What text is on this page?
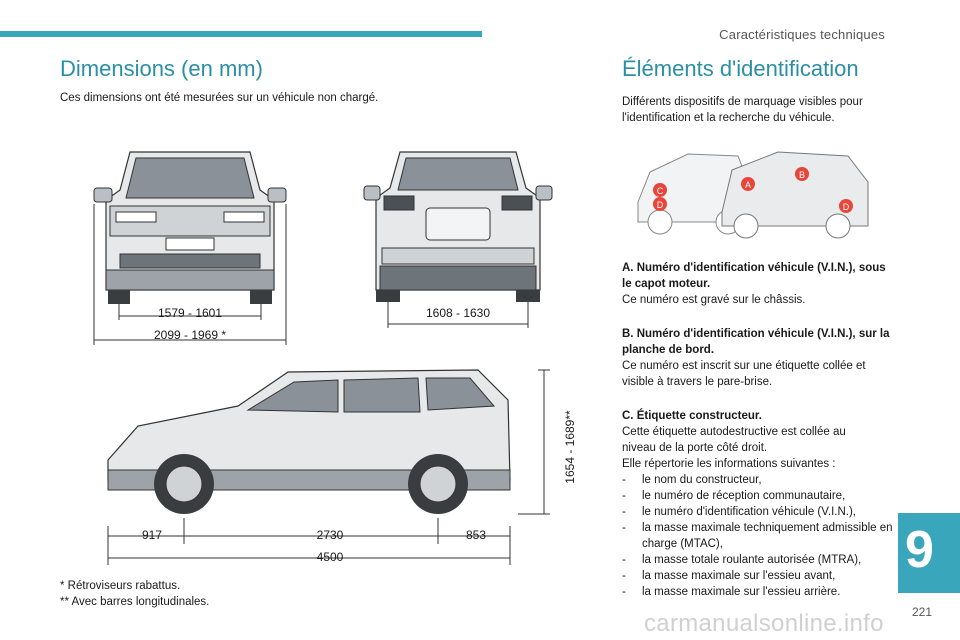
Caractéristiques techniques
Dimensions (en mm)
Ces dimensions ont été mesurées sur un véhicule non chargé.
1579 - 1601
2099 - 1969 *
1608 - 1630
1654 - 1689**
917	2730	853
4500
* Rétroviseurs rabattus.
** Avec barres longitudinales.
Éléments d'identification
Différents dispositifs de marquage visibles pour l'identification et la recherche du véhicule.
A
B
C
D	D
A. Numéro d'identification véhicule (V.I.N.), sous le capot moteur.
Ce numéro est gravé sur le châssis.
B. Numéro d'identification véhicule (V.I.N.), sur la planche de bord.
Ce numéro est inscrit sur une étiquette collée et visible à travers le pare-brise.
C. Étiquette constructeur.
Cette étiquette autodestructive est collée au niveau de la porte côté droit.
Elle répertorie les informations suivantes :
- le nom du constructeur,
- le numéro de réception communautaire,
- le numéro d'identification véhicule (V.I.N.),
- la masse maximale techniquement admissible en charge (MTAC),
- la masse totale roulante autorisée (MTRA),
- la masse maximale sur l'essieu avant,
- la masse maximale sur l'essieu arrière.
9
221
carmanualsonline.info
